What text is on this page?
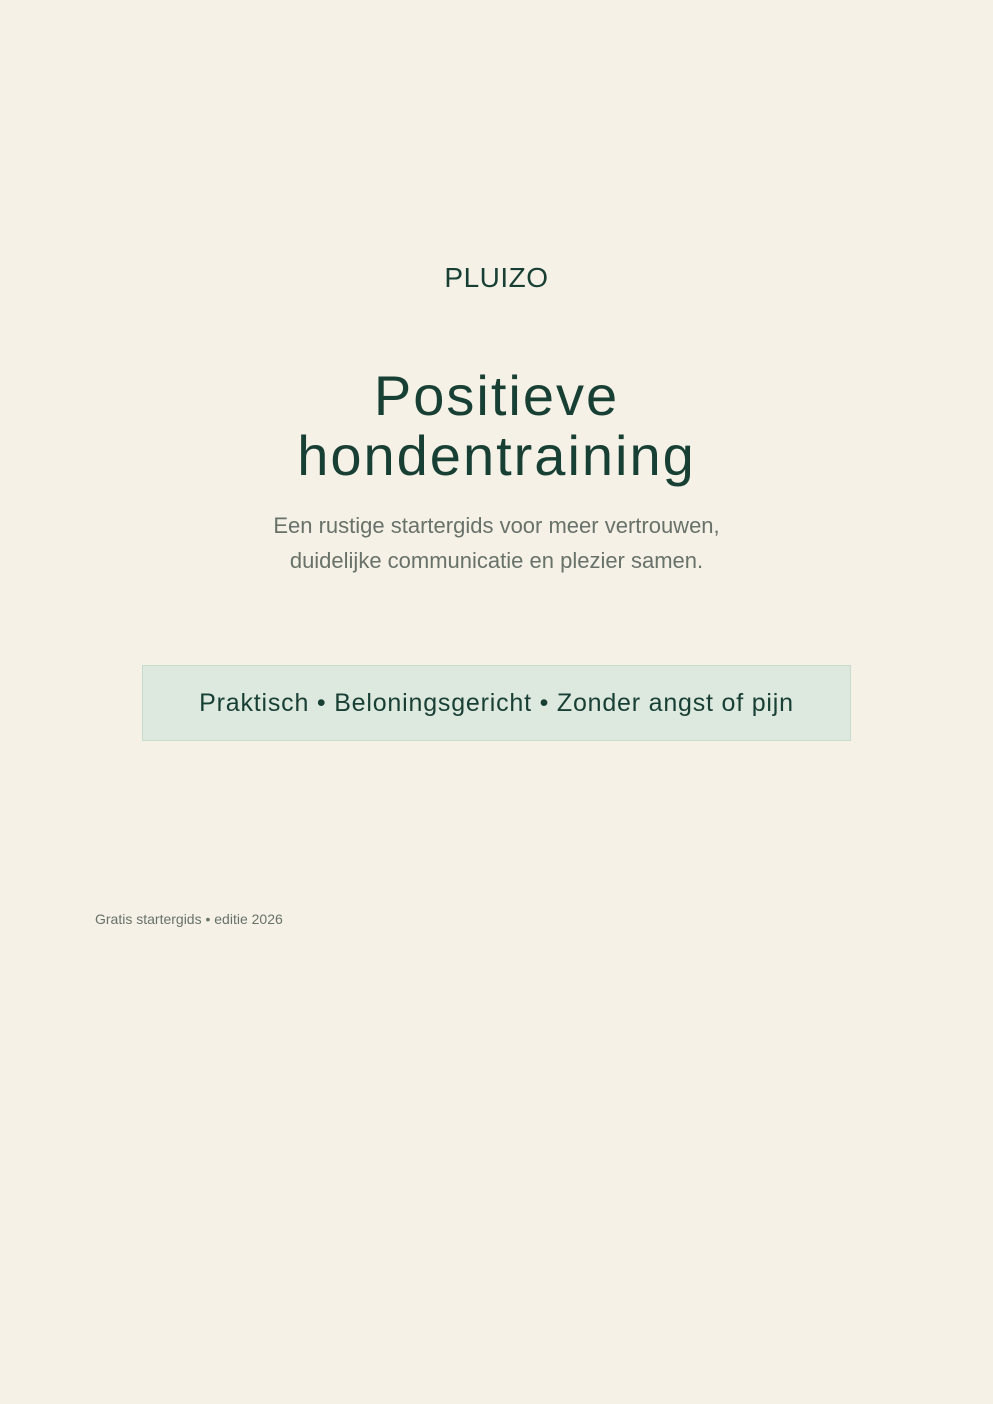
PLUIZO
Positieve
hondentraining
Een rustige startergids voor meer vertrouwen,
duidelijke communicatie en plezier samen.
Praktisch • Beloningsgericht • Zonder angst of pijn
Gratis startergids • editie 2026
